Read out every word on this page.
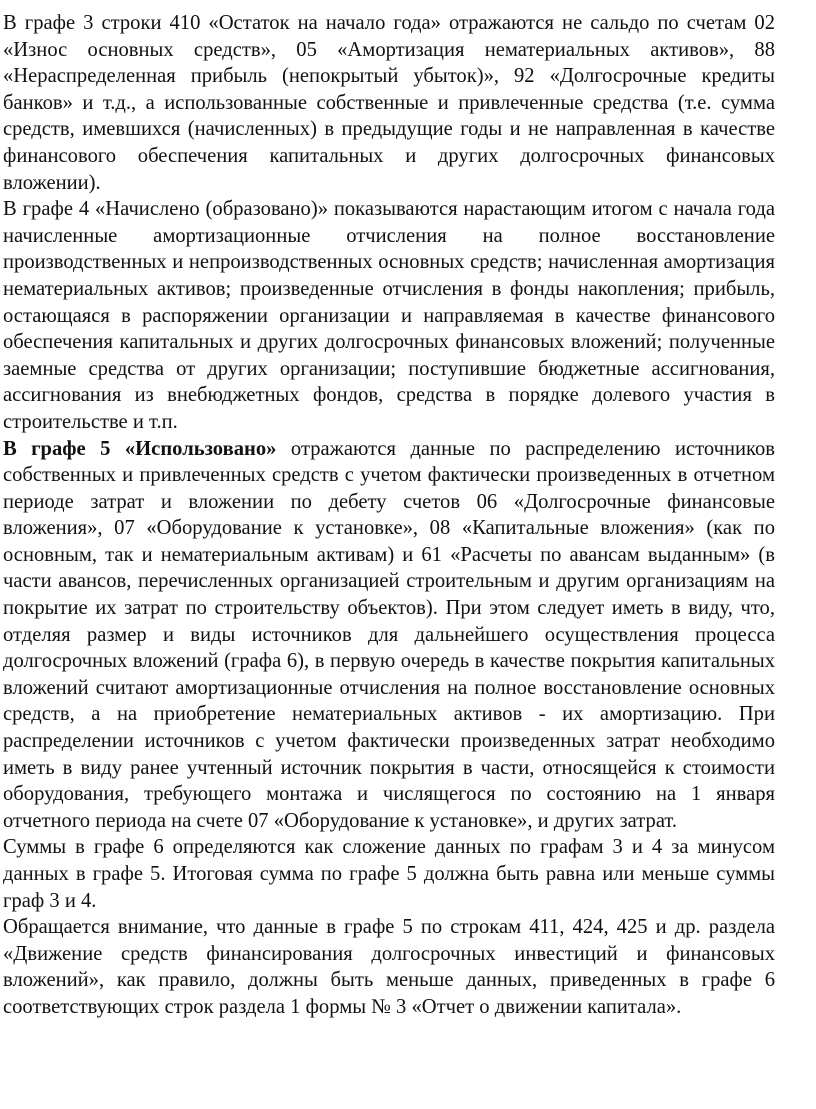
В графе 3 строки 410 «Остаток на начало года» отражаются не сальдо по счетам 02 «Износ основных средств», 05 «Амортизация нематериальных активов», 88 «Нераспределенная прибыль (непокрытый убыток)», 92 «Долгосрочные кредиты банков» и т.д., а использованные собственные и привлеченные средства (т.е. сумма средств, имевшихся (начисленных) в предыдущие годы и не направленная в качестве финансового обеспечения капитальных и других долгосрочных финансовых вложении).

В графе 4 «Начислено (образовано)» показываются нарастающим итогом с начала года начисленные амортизационные отчисления на полное восстановление производственных и непроизводственных основных средств; начисленная амортизация нематериальных активов; произведенные отчисления в фонды накопления; прибыль, остающаяся в распоряжении организации и направляемая в качестве финансового обеспечения капитальных и других долгосрочных финансовых вложений; полученные заемные средства от других организации; поступившие бюджетные ассигнования, ассигнования из внебюджетных фондов, средства в порядке долевого участия в строительстве и т.п.

В графе 5 «Использовано» отражаются данные по распределению источников собственных и привлеченных средств с учетом фактически произведенных в отчетном периоде затрат и вложении по дебету счетов 06 «Долгосрочные финансовые вложения», 07 «Оборудование к установке», 08 «Капитальные вложения» (как по основным, так и нематериальным активам) и 61 «Расчеты по авансам выданным» (в части авансов, перечисленных организацией строительным и другим организациям на покрытие их затрат по строительству объектов). При этом следует иметь в виду, что, отделяя размер и виды источников для дальнейшего осуществления процесса долгосрочных вложений (графа 6), в первую очередь в качестве покрытия капитальных вложений считают амортизационные отчисления на полное восстановление основных средств, а на приобретение нематериальных активов - их амортизацию. При распределении источников с учетом фактически произведенных затрат необходимо иметь в виду ранее учтенный источник покрытия в части, относящейся к стоимости оборудования, требующего монтажа и числящегося по состоянию на 1 января отчетного периода на счете 07 «Оборудование к установке», и других затрат.

Суммы в графе 6 определяются как сложение данных по графам 3 и 4 за минусом данных в графе 5. Итоговая сумма по графе 5 должна быть равна или меньше суммы граф 3 и 4.

Обращается внимание, что данные в графе 5 по строкам 411, 424, 425 и др. раздела «Движение средств финансирования долгосрочных инвестиций и финансовых вложений», как правило, должны быть меньше данных, приведенных в графе 6 соответствующих строк раздела 1 формы № 3 «Отчет о движении капитала».
